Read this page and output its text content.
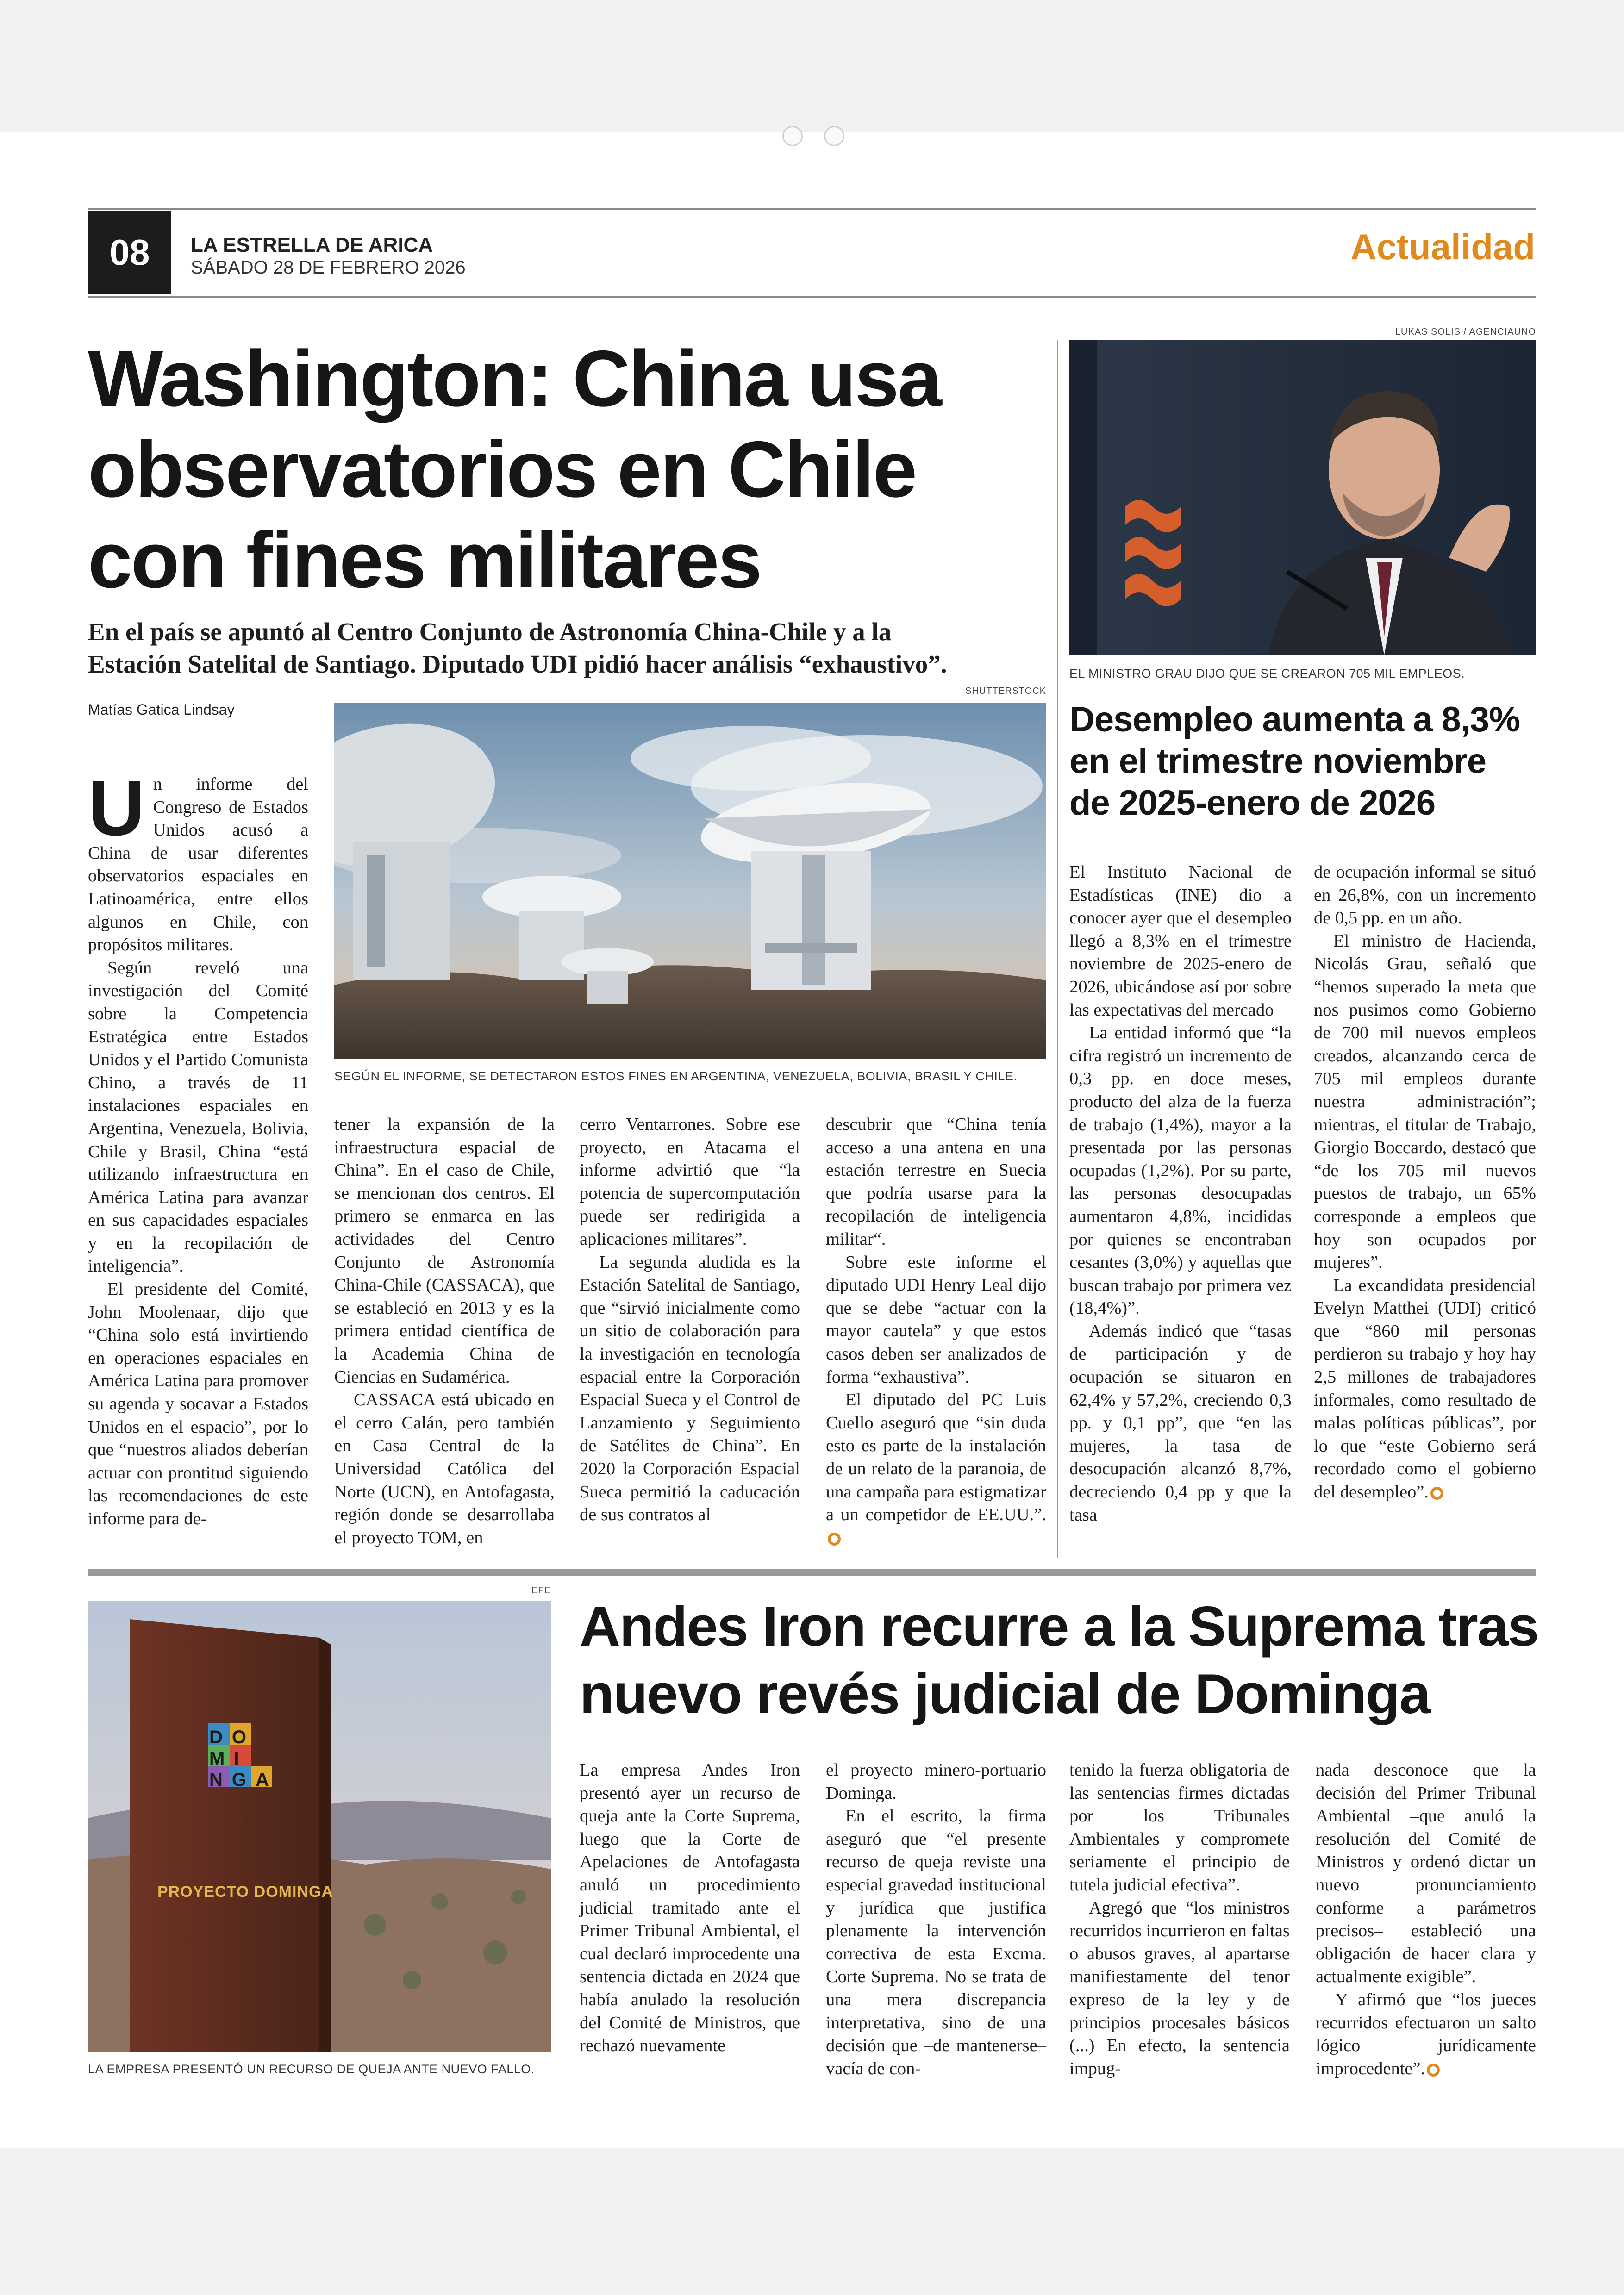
08	LA ESTRELLA DE ARICA
SÁBADO 28 DE FEBRERO 2026
Actualidad
Washington: China usa
observatorios en Chile
con fines militares
En el país se apuntó al Centro Conjunto de Astronomía China-Chile y a la
Estación Satelital de Santiago. Diputado UDI pidió hacer análisis “exhaustivo”.
Matías Gatica Lindsay
SHUTTERSTOCK
SEGÚN EL INFORME, SE DETECTARON ESTOS FINES EN ARGENTINA, VENEZUELA, BOLIVIA, BRASIL Y CHILE.
U n informe del Congreso de Estados Unidos acusó a China de usar diferentes observatorios espaciales en Latinoamérica, entre ellos algunos en Chile, con propósitos militares.

Según reveló una investigación del Comité sobre la Competencia Estratégica entre Estados Unidos y el Partido Comunista Chino, a través de 11 instalaciones espaciales en Argentina, Venezuela, Bolivia, Chile y Brasil, China “está utilizando infraestructura en América Latina para avanzar en sus capacidades espaciales y en la recopilación de inteligencia”.

El presidente del Comité, John Moolenaar, dijo que “China solo está invirtiendo en operaciones espaciales en América Latina para promover su agenda y socavar a Estados Unidos en el espacio”, por lo que “nuestros aliados deberían actuar con prontitud siguiendo las recomendaciones de este informe para de-

tener la expansión de la infraestructura espacial de China”. En el caso de Chile, se mencionan dos centros. El primero se enmarca en las actividades del Centro Conjunto de Astronomía China-Chile (CASSACA), que se estableció en 2013 y es la primera entidad científica de la Academia China de Ciencias en Sudamérica.

CASSACA está ubicado en el cerro Calán, pero también en Casa Central de la Universidad Católica del Norte (UCN), en Antofagasta, región donde se desarrollaba el proyecto TOM, en

cerro Ventarrones. Sobre ese proyecto, en Atacama el informe advirtió que “la potencia de supercomputación puede ser redirigida a aplicaciones militares”.

La segunda aludida es la Estación Satelital de Santiago, que “sirvió inicialmente como un sitio de colaboración para la investigación en tecnología espacial entre la Corporación Espacial Sueca y el Control de Lanzamiento y Seguimiento de Satélites de China”. En 2020 la Corporación Espacial Sueca permitió la caducación de sus contratos al

descubrir que “China tenía acceso a una antena en una estación terrestre en Suecia que podría usarse para la recopilación de inteligencia militar“.

Sobre este informe el diputado UDI Henry Leal dijo que se debe “actuar con la mayor cautela” y que estos casos deben ser analizados de forma “exhaustiva”.

El diputado del PC Luis Cuello aseguró que “sin duda esto es parte de la instalación de un relato de la paranoia, de una campaña para estigmatizar a un competidor de EE.UU.”.

LUKAS SOLIS / AGENCIAUNO
EL MINISTRO GRAU DIJO QUE SE CREARON 705 MIL EMPLEOS.
Desempleo aumenta a 8,3%
en el trimestre noviembre
de 2025-enero de 2026

El Instituto Nacional de Estadísticas (INE) dio a conocer ayer que el desempleo llegó a 8,3% en el trimestre noviembre de 2025-enero de 2026, ubicándose así por sobre las expectativas del mercado

La entidad informó que “la cifra registró un incremento de 0,3 pp. en doce meses, producto del alza de la fuerza de trabajo (1,4%), mayor a la presentada por las personas ocupadas (1,2%). Por su parte, las personas desocupadas aumentaron 4,8%, incididas por quienes se encontraban cesantes (3,0%) y aquellas que buscan trabajo por primera vez (18,4%)”.

Además indicó que “tasas de participación y de ocupación se situaron en 62,4% y 57,2%, creciendo 0,3 pp. y 0,1 pp”, que “en las mujeres, la tasa de desocupación alcanzó 8,7%, decreciendo 0,4 pp y que la tasa

de ocupación informal se situó en 26,8%, con un incremento de 0,5 pp. en un año.

El ministro de Hacienda, Nicolás Grau, señaló que “hemos superado la meta que nos pusimos como Gobierno de 700 mil nuevos empleos creados, alcanzando cerca de 705 mil empleos durante nuestra administración”; mientras, el titular de Trabajo, Giorgio Boccardo, destacó que “de los 705 mil nuevos puestos de trabajo, un 65% corresponde a empleos que hoy son ocupados por mujeres”.

La excandidata presidencial Evelyn Matthei (UDI) criticó que “860 mil personas perdieron su trabajo y hoy hay 2,5 millones de trabajadores informales, como resultado de malas políticas públicas”, por lo que “este Gobierno será recordado como el gobierno del desempleo”.

EFE
DO
MI
NGA
PROYECTO DOMINGA
LA EMPRESA PRESENTÓ UN RECURSO DE QUEJA ANTE NUEVO FALLO.
Andes Iron recurre a la Suprema tras
nuevo revés judicial de Dominga

La empresa Andes Iron presentó ayer un recurso de queja ante la Corte Suprema, luego que la Corte de Apelaciones de Antofagasta anuló un procedimiento judicial tramitado ante el Primer Tribunal Ambiental, el cual declaró improcedente una sentencia dictada en 2024 que había anulado la resolución del Comité de Ministros, que rechazó nuevamente

el proyecto minero-portuario Dominga.

En el escrito, la firma aseguró que “el presente recurso de queja reviste una especial gravedad institucional y jurídica que justifica plenamente la intervención correctiva de esta Excma. Corte Suprema. No se trata de una mera discrepancia interpretativa, sino de una decisión que –de mantenerse– vacía de con-

tenido la fuerza obligatoria de las sentencias firmes dictadas por los Tribunales Ambientales y compromete seriamente el principio de tutela judicial efectiva”.

Agregó que “los ministros recurridos incurrieron en faltas o abusos graves, al apartarse manifiestamente del tenor expreso de la ley y de principios procesales básicos (...) En efecto, la sentencia impug-

nada desconoce que la decisión del Primer Tribunal Ambiental –que anuló la resolución del Comité de Ministros y ordenó dictar un nuevo pronunciamiento conforme a parámetros precisos– estableció una obligación de hacer clara y actualmente exigible”.

Y afirmó que “los jueces recurridos efectuaron un salto lógico jurídicamente improcedente”.
